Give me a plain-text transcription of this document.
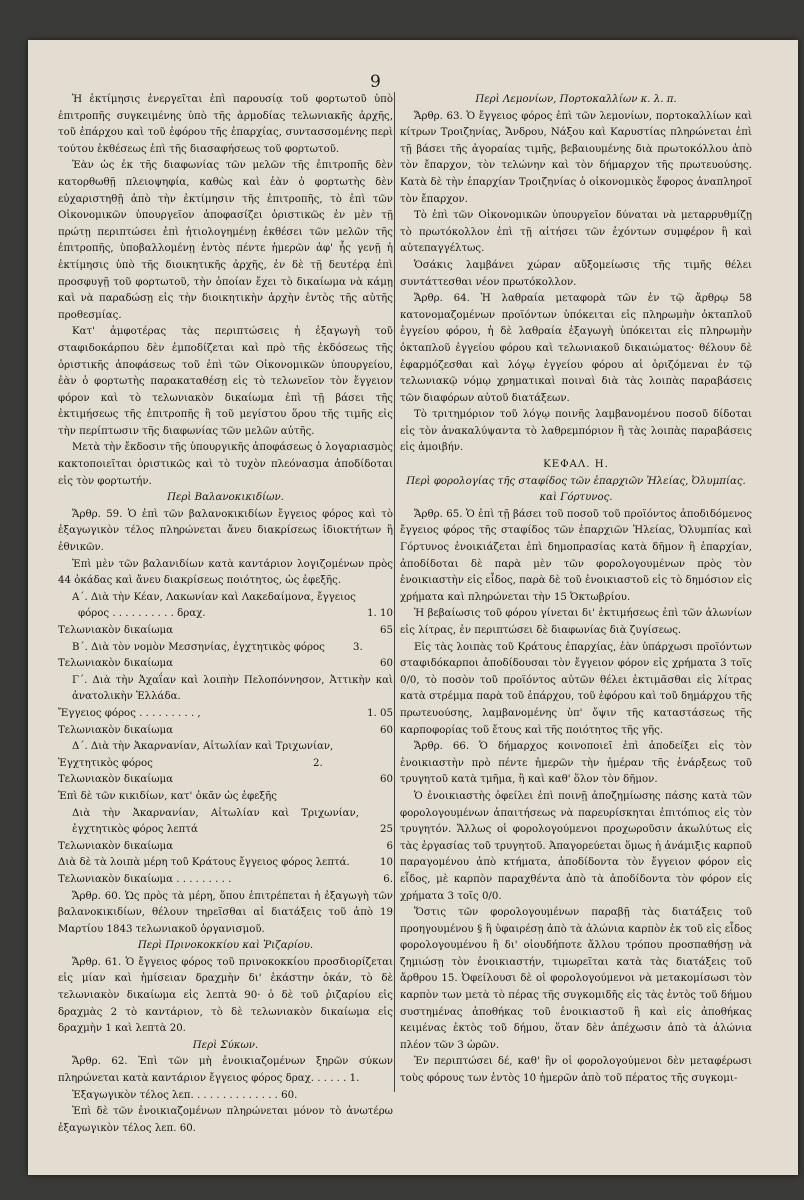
9

Ἡ ἐκτίμησις ἐνεργεῖται ἐπὶ παρουσίᾳ τοῦ φορτωτοῦ ὑπὸ ἐπιτροπῆς συγκειμένης ὑπὸ τῆς ἁρμοδίας τελωνιακῆς ἀρχῆς, τοῦ ἐπάρχου καὶ τοῦ ἐφόρου τῆς ἐπαρχίας, συντασσομένης περὶ τούτου ἐκθέσεως ἐπὶ τῆς διασαφήσεως τοῦ φορτωτοῦ.

Ἐὰν ὡς ἐκ τῆς διαφωνίας τῶν μελῶν τῆς ἐπιτροπῆς δὲν κατορθωθῇ πλειοψηφία, καθὼς καὶ ἐὰν ὁ φορτωτὴς δὲν εὐχαριστηθῇ ἀπὸ τὴν ἐκτίμησιν τῆς ἐπιτροπῆς, τὸ ἐπὶ τῶν Οἰκονομικῶν ὑπουργεῖον ἀποφασίζει ὁριστικῶς ἐν μὲν τῇ πρώτῃ περιπτώσει ἐπὶ ἠτιολογημένῃ ἐκθέσει τῶν μελῶν τῆς ἐπιτροπῆς, ὑποβαλλομένῃ ἐντὸς πέντε ἡμερῶν ἀφ' ἧς γενῇ ἡ ἐκτίμησις ὑπὸ τῆς διοικητικῆς ἀρχῆς, ἐν δὲ τῇ δευτέρᾳ ἐπὶ προσφυγῇ τοῦ φορτωτοῦ, τὴν ὁποίαν ἔχει τὸ δικαίωμα νὰ κάμῃ καὶ νὰ παραδώσῃ εἰς τὴν διοικητικὴν ἀρχὴν ἐντὸς τῆς αὐτῆς προθεσμίας.

Κατ' ἀμφοτέρας τὰς περιπτώσεις ἡ ἐξαγωγὴ τοῦ σταφιδοκάρπου δὲν ἐμποδίζεται καὶ πρὸ τῆς ἐκδόσεως τῆς ὁριστικῆς ἀποφάσεως τοῦ ἐπὶ τῶν Οἰκονομικῶν ὑπουργείου, ἐὰν ὁ φορτωτὴς παρακαταθέσῃ εἰς τὸ τελωνεῖον τὸν ἔγγειον φόρον καὶ τὸ τελωνιακὸν δικαίωμα ἐπὶ τῇ βάσει τῆς ἐκτιμήσεως τῆς ἐπιτροπῆς ἢ τοῦ μεγίστου ὅρου τῆς τιμῆς εἰς τὴν περίπτωσιν τῆς διαφωνίας τῶν μελῶν αὐτῆς.

Μετὰ τὴν ἔκδοσιν τῆς ὑπουργικῆς ἀποφάσεως ὁ λογαριασμὸς κακτοποιεῖται ὁριστικῶς καὶ τὸ τυχὸν πλεόνασμα ἀποδίδοται εἰς τὸν φορτωτήν.

Περὶ Βαλανοκικιδίων.

Ἄρθρ. 59. Ὁ ἐπὶ τῶν βαλανοκικιδίων ἔγγειος φόρος καὶ τὸ ἐξαγωγικὸν τέλος πληρώνεται ἄνευ διακρίσεως ἰδιοκτήτων ἢ ἐθνικῶν.

Ἐπὶ μὲν τῶν βαλανιδίων κατὰ καντάριον λογιζομένων πρὸς 44 ὀκάδας καὶ ἄνευ διακρίσεως ποιότητος, ὡς ἐφεξῆς.

Α΄. Διὰ τὴν Κέαν, Λακωνίαν καὶ Λακεδαίμονα, ἔγγειος
φόρος . . . . . . . . . . δραχ.	1. 10
Τελωνιακὸν δικαίωμα	65
Β΄. Διὰ τὸν νομὸν Μεσσηνίας, ἐγχτητικὸς φόρος	3.
Τελωνιακὸν δικαίωμα	60
Γ΄. Διὰ τὴν Ἀχαΐαν καὶ λοιπὴν Πελοπόννησον, Ἀττικὴν καὶ ἀνατολικὴν Ἑλλάδα.
Ἔγγειος φόρος . . . . . . . . . ,	1. 05
Τελωνιακὸν δικαίωμα	60
Δ΄. Διὰ τὴν Ἀκαρνανίαν, Αἰτωλίαν καὶ Τριχωνίαν,
Ἐγχτητικὸς φόρος	2.
Τελωνιακὸν δικαίωμα	60
Ἐπὶ δὲ τῶν κικιδίων, κατ' ὀκᾶν ὡς ἐφεξῆς
Διὰ τὴν Ἀκαρνανίαν, Αἰτωλίαν καὶ Τριχωνίαν, ἐγχτητικὸς φόρος λεπτά	25
Τελωνιακὸν δικαίωμα	6
Διὰ δὲ τὰ λοιπὰ μέρη τοῦ Κράτους ἔγγειος φόρος λεπτά.	10
Τελωνιακὸν δικαίωμα . . . . . . . . .	6.

Ἄρθρ. 60. Ὡς πρὸς τὰ μέρη, ὅπου ἐπιτρέπεται ἡ ἐξαγωγὴ τῶν βαλανοκικιδίων, θέλουν τηρεῖσθαι αἱ διατάξεις τοῦ ἀπὸ 19 Μαρτίου 1843 τελωνιακοῦ ὀργανισμοῦ.

Περὶ Πρινοκοκκίου καὶ Ῥιζαρίου.

Ἄρθρ. 61. Ὁ ἔγγειος φόρος τοῦ πρινοκοκκίου προσδιορίζεται εἰς μίαν καὶ ἡμίσειαν δραχμὴν δι' ἑκάστην ὀκάν, τὸ δὲ τελωνιακὸν δικαίωμα εἰς λεπτὰ 90· ὁ δὲ τοῦ ῥιζαρίου εἰς δραχμὰς 2 τὸ καντάριον, τὸ δὲ τελωνιακὸν δικαίωμα εἰς δραχμὴν 1 καὶ λεπτὰ 20.

Περὶ Σύκων.

Ἄρθρ. 62. Ἐπὶ τῶν μὴ ἐνοικιαζομένων ξηρῶν σύκων πληρώνεται κατὰ καντάριον ἔγγειος φόρος δραχ. . . . . . 1.

Ἐξαγωγικὸν τέλος λεπ. . . . . . . . . . . . . . 60.

Ἐπὶ δὲ τῶν ἐνοικιαζομένων πληρώνεται μόνον τὸ ἀνωτέρω ἐξαγωγικὸν τέλος λεπ. 60.

Περὶ Λεμονίων, Πορτοκαλλίων κ. λ. π.

Ἄρθρ. 63. Ὁ ἔγγειος φόρος ἐπὶ τῶν λεμονίων, πορτοκαλλίων καὶ κίτρων Τροιζηνίας, Ἄνδρου, Νάξου καὶ Καρυστίας πληρώνεται ἐπὶ τῇ βάσει τῆς ἀγοραίας τιμῆς, βεβαιουμένης διὰ πρωτοκόλλου ἀπὸ τὸν ἔπαρχον, τὸν τελώνην καὶ τὸν δήμαρχον τῆς πρωτευούσης. Κατὰ δὲ τὴν ἐπαρχίαν Τροιζηνίας ὁ οἰκονομικὸς ἔφορος ἀναπληροῖ τὸν ἔπαρχον.

Τὸ ἐπὶ τῶν Οἰκονομικῶν ὑπουργεῖον δύναται νὰ μεταρρυθμίζῃ τὸ πρωτόκολλον ἐπὶ τῇ αἰτήσει τῶν ἐχόντων συμφέρον ἢ καὶ αὐτεπαγγέλτως.

Ὁσάκις λαμβάνει χώραν αὔξομείωσις τῆς τιμῆς θέλει συντάττεσθαι νέον πρωτόκολλον.

Ἄρθρ. 64. Ἡ λαθραία μεταφορὰ τῶν ἐν τῷ ἄρθρῳ 58 κατονομαζομένων προϊόντων ὑπόκειται εἰς πληρωμὴν ὀκταπλοῦ ἐγγείου φόρου, ἡ δὲ λαθραία ἐξαγωγὴ ὑπόκειται εἰς πληρωμὴν ὀκταπλοῦ ἐγγείου φόρου καὶ τελωνιακοῦ δικαιώματος· θέλουν δὲ ἐφαρμόζεσθαι καὶ λόγῳ ἐγγείου φόρου αἱ ὁριζόμεναι ἐν τῷ τελωνιακῷ νόμῳ χρηματικαὶ ποιναὶ διὰ τὰς λοιπὰς παραβάσεις τῶν διαφόρων αὐτοῦ διατάξεων.

Τὸ τριτημόριον τοῦ λόγῳ ποινῆς λαμβανομένου ποσοῦ δίδοται εἰς τὸν ἀνακαλύψαντα τὸ λαθρεμπόριον ἢ τὰς λοιπὰς παραβάσεις εἰς ἀμοιβήν.

ΚΕΦΑΛ. Η.
Περὶ φορολογίας τῆς σταφίδος τῶν ἐπαρχιῶν Ἠλείας, Ὀλυμπίας. καὶ Γόρτυνος.

Ἄρθρ. 65. Ὁ ἐπὶ τῇ βάσει τοῦ ποσοῦ τοῦ προϊόντος ἀποδιδόμενος ἔγγειος φόρος τῆς σταφίδος τῶν ἐπαρχιῶν Ἠλείας, Ὀλυμπίας καὶ Γόρτυνος ἐνοικιάζεται ἐπὶ δημοπρασίας κατὰ δῆμον ἢ ἐπαρχίαν, ἀποδίδοται δὲ παρὰ μὲν τῶν φορολογουμένων πρὸς τὸν ἐνοικιαστὴν εἰς εἶδος, παρὰ δὲ τοῦ ἐνοικιαστοῦ εἰς τὸ δημόσιον εἰς χρήματα καὶ πληρώνεται τὴν 15 Ὀκτωβρίου.

Ἡ βεβαίωσις τοῦ φόρου γίνεται δι' ἐκτιμήσεως ἐπὶ τῶν ἀλωνίων εἰς λίτρας, ἐν περιπτώσει δὲ διαφωνίας διὰ ζυγίσεως.

Εἰς τὰς λοιπὰς τοῦ Κράτους ἐπαρχίας, ἐὰν ὑπάρχωσι προϊόντων σταφιδόκαρποι ἀποδίδουσαι τὸν ἔγγειον φόρον εἰς χρήματα 3 τοῖς 0/0, τὸ ποσὸν τοῦ προϊόντος αὐτῶν θέλει ἐκτιμᾶσθαι εἰς λίτρας κατὰ στρέμμα παρὰ τοῦ ἐπάρχου, τοῦ ἐφόρου καὶ τοῦ δημάρχου τῆς πρωτευούσης, λαμβανομένης ὑπ' ὄψιν τῆς καταστάσεως τῆς καρποφορίας τοῦ ἔτους καὶ τῆς ποιότητος τῆς γῆς.

Ἄρθρ. 66. Ὁ δήμαρχος κοινοποιεῖ ἐπὶ ἀποδείξει εἰς τὸν ἐνοικιαστὴν πρὸ πέντε ἡμερῶν τὴν ἡμέραν τῆς ἐνάρξεως τοῦ τρυγητοῦ κατὰ τμῆμα, ἢ καὶ καθ' ὅλον τὸν δῆμον.

Ὁ ἐνοικιαστὴς ὀφείλει ἐπὶ ποινῇ ἀποζημίωσης πάσης κατὰ τῶν φορολογουμένων ἀπαιτήσεως νὰ παρευρίσκηται ἐπιτόπιος εἰς τὸν τρυγητόν. Ἄλλως οἱ φορολογούμενοι προχωροῦσιν ἀκωλύτως εἰς τὰς ἐργασίας τοῦ τρυγητοῦ. Ἀπαγορεύεται ὅμως ἡ ἀνάμιξις καρποῦ παραγομένου ἀπὸ κτήματα, ἀποδίδοντα τὸν ἔγγειον φόρον εἰς εἶδος, μὲ καρπὸν παραχθέντα ἀπὸ τὰ ἀποδίδοντα τὸν φόρον εἰς χρήματα 3 τοῖς 0/0.

Ὅστις τῶν φορολογουμένων παραβῇ τὰς διατάξεις τοῦ προηγουμένου § ἢ ὑφαιρέσῃ ἀπὸ τὰ ἀλώνια καρπὸν ἐκ τοῦ εἰς εἶδος φορολογουμένου ἢ δι' οἱουδήποτε ἄλλου τρόπου προσπαθήσῃ νὰ ζημιώσῃ τὸν ἐνοικιαστήν, τιμωρεῖται κατὰ τὰς διατάξεις τοῦ ἄρθρου 15. Ὀφείλουσι δὲ οἱ φορολογούμενοι νὰ μετακομίσωσι τὸν καρπὸν των μετὰ τὸ πέρας τῆς συγκομιδῆς εἰς τὰς ἐντὸς τοῦ δήμου συστημένας ἀποθήκας τοῦ ἐνοικιαστοῦ ἢ καὶ εἰς ἀποθήκας κειμένας ἐκτὸς τοῦ δήμου, ὅταν δὲν ἀπέχωσιν ἀπὸ τὰ ἀλώνια πλέον τῶν 3 ὡρῶν.

Ἐν περιπτώσει δέ, καθ' ἣν οἱ φορολογούμενοι δὲν μεταφέρωσι τοὺς φόρους των ἐντὸς 10 ἡμερῶν ἀπὸ τοῦ πέρατος τῆς συγκομι-
